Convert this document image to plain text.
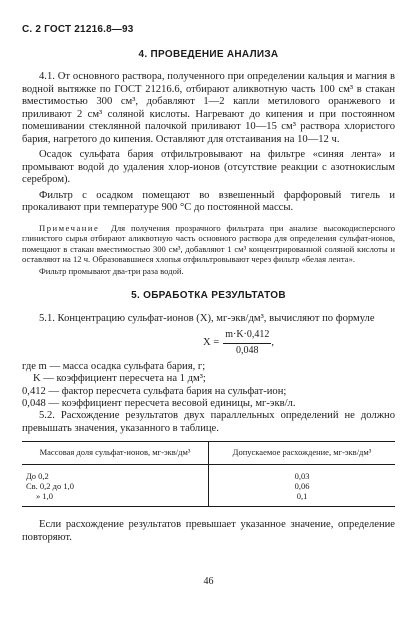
С. 2 ГОСТ 21216.8—93
4. ПРОВЕДЕНИЕ АНАЛИЗА

4.1. От основного раствора, полученного при определении кальция и магния в водной вытяжке по ГОСТ 21216.6, отбирают аликвотную часть 100 см³ в стакан вместимостью 300 см³, добавляют 1—2 капли метилового оранжевого и приливают 2 см³ соляной кислоты. Нагревают до кипения и при постоянном помешивании стеклянной палочкой приливают 10—15 см³ раствора хлористого бария, нагретого до кипения. Оставляют для отстаивания на 10—12 ч.

Осадок сульфата бария отфильтровывают на фильтре «синяя лента» и промывают водой до удаления хлор-ионов (отсутствие реакции с азотнокислым серебром).

Фильтр с осадком помещают во взвешенный фарфоровый тигель и прокаливают при температуре 900 °С до постоянной массы.

Примечание Для получения прозрачного фильтрата при анализе высокодисперсного глинистого сырья отбирают аликвотную часть основного раствора для определения сульфат-ионов, помещают в стакан вместимостью 300 см³, добавляют 1 см³ концентрированной соляной кислоты и оставляют на 12 ч. Образовавшиеся хлопья отфильтровывают через фильтр «белая лента».

Фильтр промывают два-три раза водой.

5. ОБРАБОТКА РЕЗУЛЬТАТОВ

5.1. Концентрацию сульфат-ионов (X), мг-экв/дм³, вычисляют по формуле

$X = \frac{m\cdot K\cdot 0,412}{0,048}$ ,
где m — масса осадка сульфата бария, г;
K — коэффициент пересчета на 1 дм³;
0,412 — фактор пересчета сульфата бария на сульфат-ион;
0,048 — коэффициент пересчета весовой единицы, мг-экв/л.

5.2. Расхождение результатов двух параллельных определений не должно превышать значения, указанного в таблице.

Массовая доля сульфат-ионов, мг-экв/дм³	Допускаемое расхождение, мг-экв/дм³
До 0,2	0,03
Св. 0,2 до 1,0	0,06
» 1,0	0,1

Если расхождение результатов превышает указанное значение, определение повторяют.

46
